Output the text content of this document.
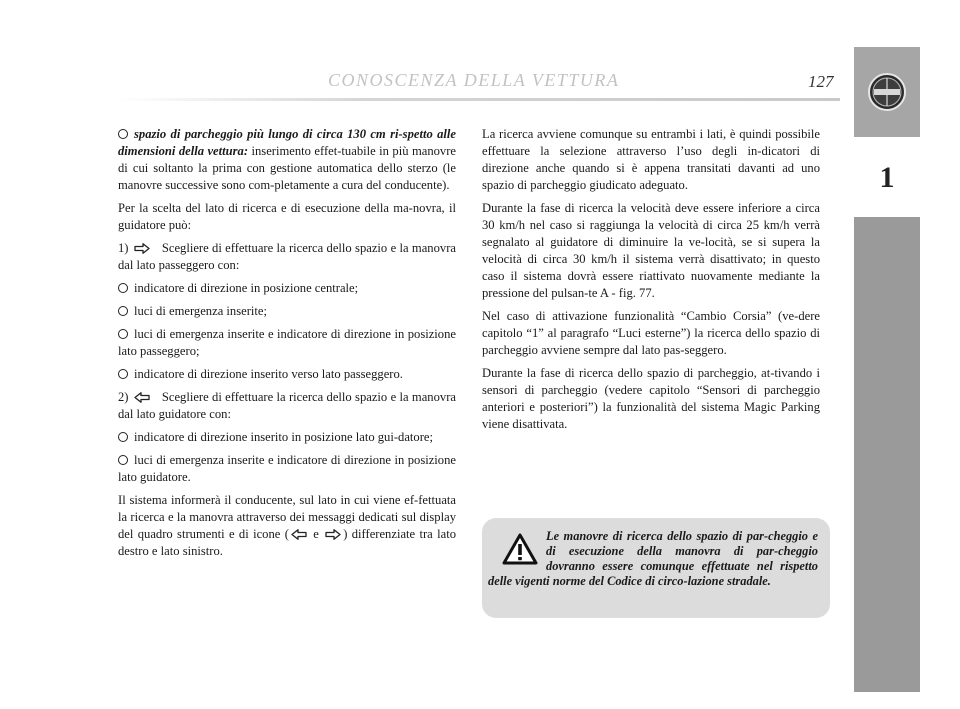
CONOSCENZA DELLA VETTURA	127
1

spazio di parcheggio più lungo di circa 130 cm ri-spetto alle dimensioni della vettura: inserimento effet-tuabile in più manovre di cui soltanto la prima con gestione automatica dello sterzo (le manovre successive sono com-pletamente a cura del conducente).

Per la scelta del lato di ricerca e di esecuzione della ma-novra, il guidatore può:

1)	Scegliere di effettuare la ricerca dello spazio e la manovra dal lato passeggero con:

indicatore di direzione in posizione centrale;

luci di emergenza inserite;

luci di emergenza inserite e indicatore di direzione in posizione lato passeggero;

indicatore di direzione inserito verso lato passeggero.

2)	Scegliere di effettuare la ricerca dello spazio e la manovra dal lato guidatore con:

indicatore di direzione inserito in posizione lato gui-datore;

luci di emergenza inserite e indicatore di direzione in posizione lato guidatore.

Il sistema informerà il conducente, sul lato in cui viene ef-fettuata la ricerca e la manovra attraverso dei messaggi dedicati sul display del quadro strumenti e di icone ( e ) differenziate tra lato destro e lato sinistro.

La ricerca avviene comunque su entrambi i lati, è quindi possibile effettuare la selezione attraverso l’uso degli in-dicatori di direzione anche quando si è appena transitati davanti ad uno spazio di parcheggio giudicato adeguato.

Durante la fase di ricerca la velocità deve essere inferiore a circa 30 km/h nel caso si raggiunga la velocità di circa 25 km/h verrà segnalato al guidatore di diminuire la ve-locità, se si supera la velocità di circa 30 km/h il sistema verrà disattivato; in questo caso il sistema dovrà essere riattivato nuovamente mediante la pressione del pulsan-te A - fig. 77.

Nel caso di attivazione funzionalità “Cambio Corsia” (ve-dere capitolo “1” al paragrafo “Luci esterne”) la ricerca dello spazio di parcheggio avviene sempre dal lato pas-seggero.

Durante la fase di ricerca dello spazio di parcheggio, at-tivando i sensori di parcheggio (vedere capitolo “Sensori di parcheggio anteriori e posteriori”) la funzionalità del sistema Magic Parking viene disattivata.

Le manovre di ricerca dello spazio di par-cheggio e di esecuzione della manovra di par-cheggio dovranno essere comunque effettuate nel rispetto delle vigenti norme del Codice di circo-lazione stradale.
